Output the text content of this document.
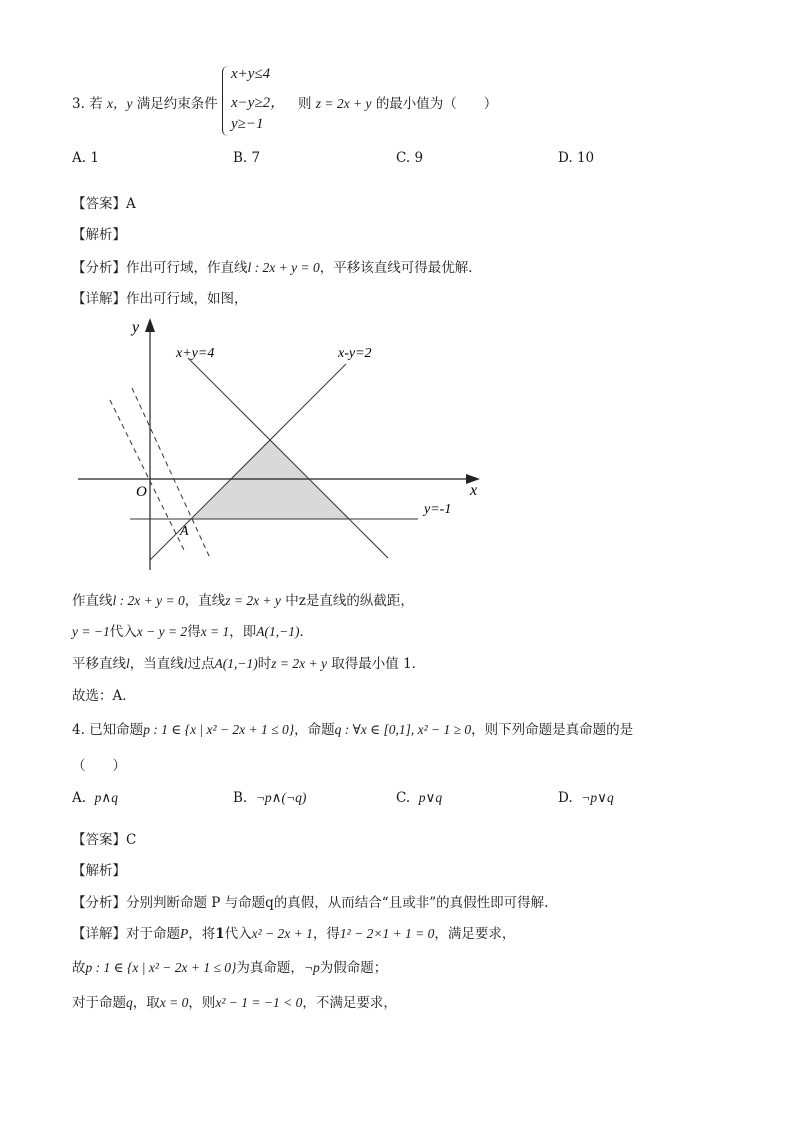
3. 若 x，y 满足约束条件
x+y≤4
x−y≥2，
y≥−1
则 z = 2x + y 的最小值为（　　）
A. 1	B. 7	C. 9	D. 10
【答案】A
【解析】
【分析】作出可行域，作直线l : 2x + y = 0，平移该直线可得最优解．
【详解】作出可行域，如图，
y
x
O
x+y=4	x-y=2
y=-1
A
作直线l : 2x + y = 0，直线z = 2x + y 中z是直线的纵截距，
y = −1代入x − y = 2得x = 1，即A(1,−1)．
平移直线l，当直线l过点A(1,−1)时z = 2x + y 取得最小值 1．
故选：A．
4. 已知命题p : 1 ∈ {x | x² − 2x + 1 ≤ 0}，命题q : ∀x ∈ [0,1], x² − 1 ≥ 0，则下列命题是真命题的是
（　　）
A. p∧q	B. ¬p∧(¬q)	C. p∨q	D. ¬p∨q
【答案】C
【解析】
【分析】分别判断命题 P 与命题q的真假，从而结合“且或非”的真假性即可得解.
【详解】对于命题P，将1代入x² − 2x + 1，得1² − 2×1 + 1 = 0，满足要求，
故p : 1 ∈ {x | x² − 2x + 1 ≤ 0}为真命题，¬p为假命题；
对于命题q，取x = 0，则x² − 1 = −1 < 0，不满足要求，
